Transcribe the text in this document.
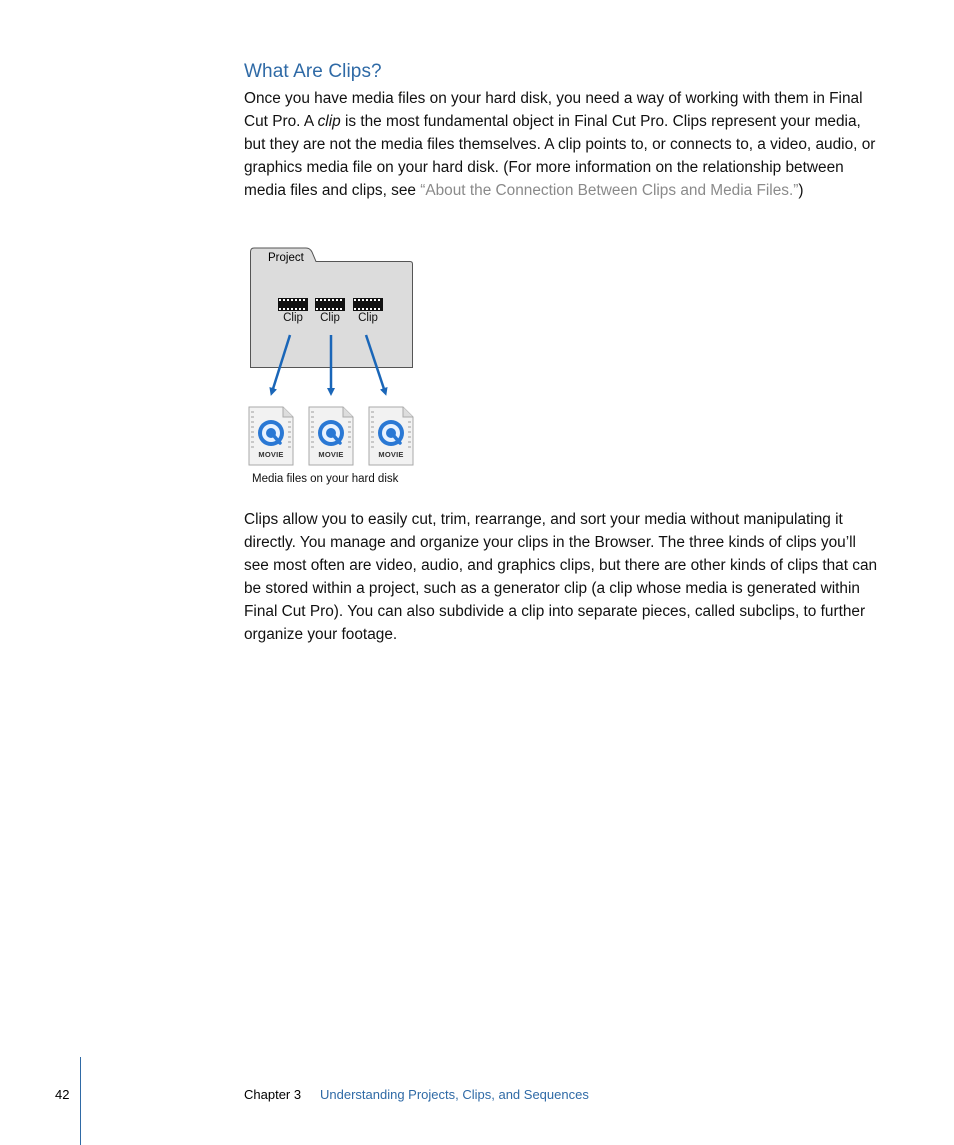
What Are Clips?

Once you have media files on your hard disk, you need a way of working with them in Final Cut Pro. A clip is the most fundamental object in Final Cut Pro. Clips represent your media, but they are not the media files themselves. A clip points to, or connects to, a video, audio, or graphics media file on your hard disk. (For more information on the relationship between media files and clips, see “About the Connection Between Clips and Media Files.”)

Project
Clip	Clip	Clip
MOVIE	MOVIE	MOVIE
Media files on your hard disk

Clips allow you to easily cut, trim, rearrange, and sort your media without manipulating it directly. You manage and organize your clips in the Browser. The three kinds of clips you’ll see most often are video, audio, and graphics clips, but there are other kinds of clips that can be stored within a project, such as a generator clip (a clip whose media is generated within Final Cut Pro). You can also subdivide a clip into separate pieces, called subclips, to further organize your footage.

42	Chapter 3 Understanding Projects, Clips, and Sequences
